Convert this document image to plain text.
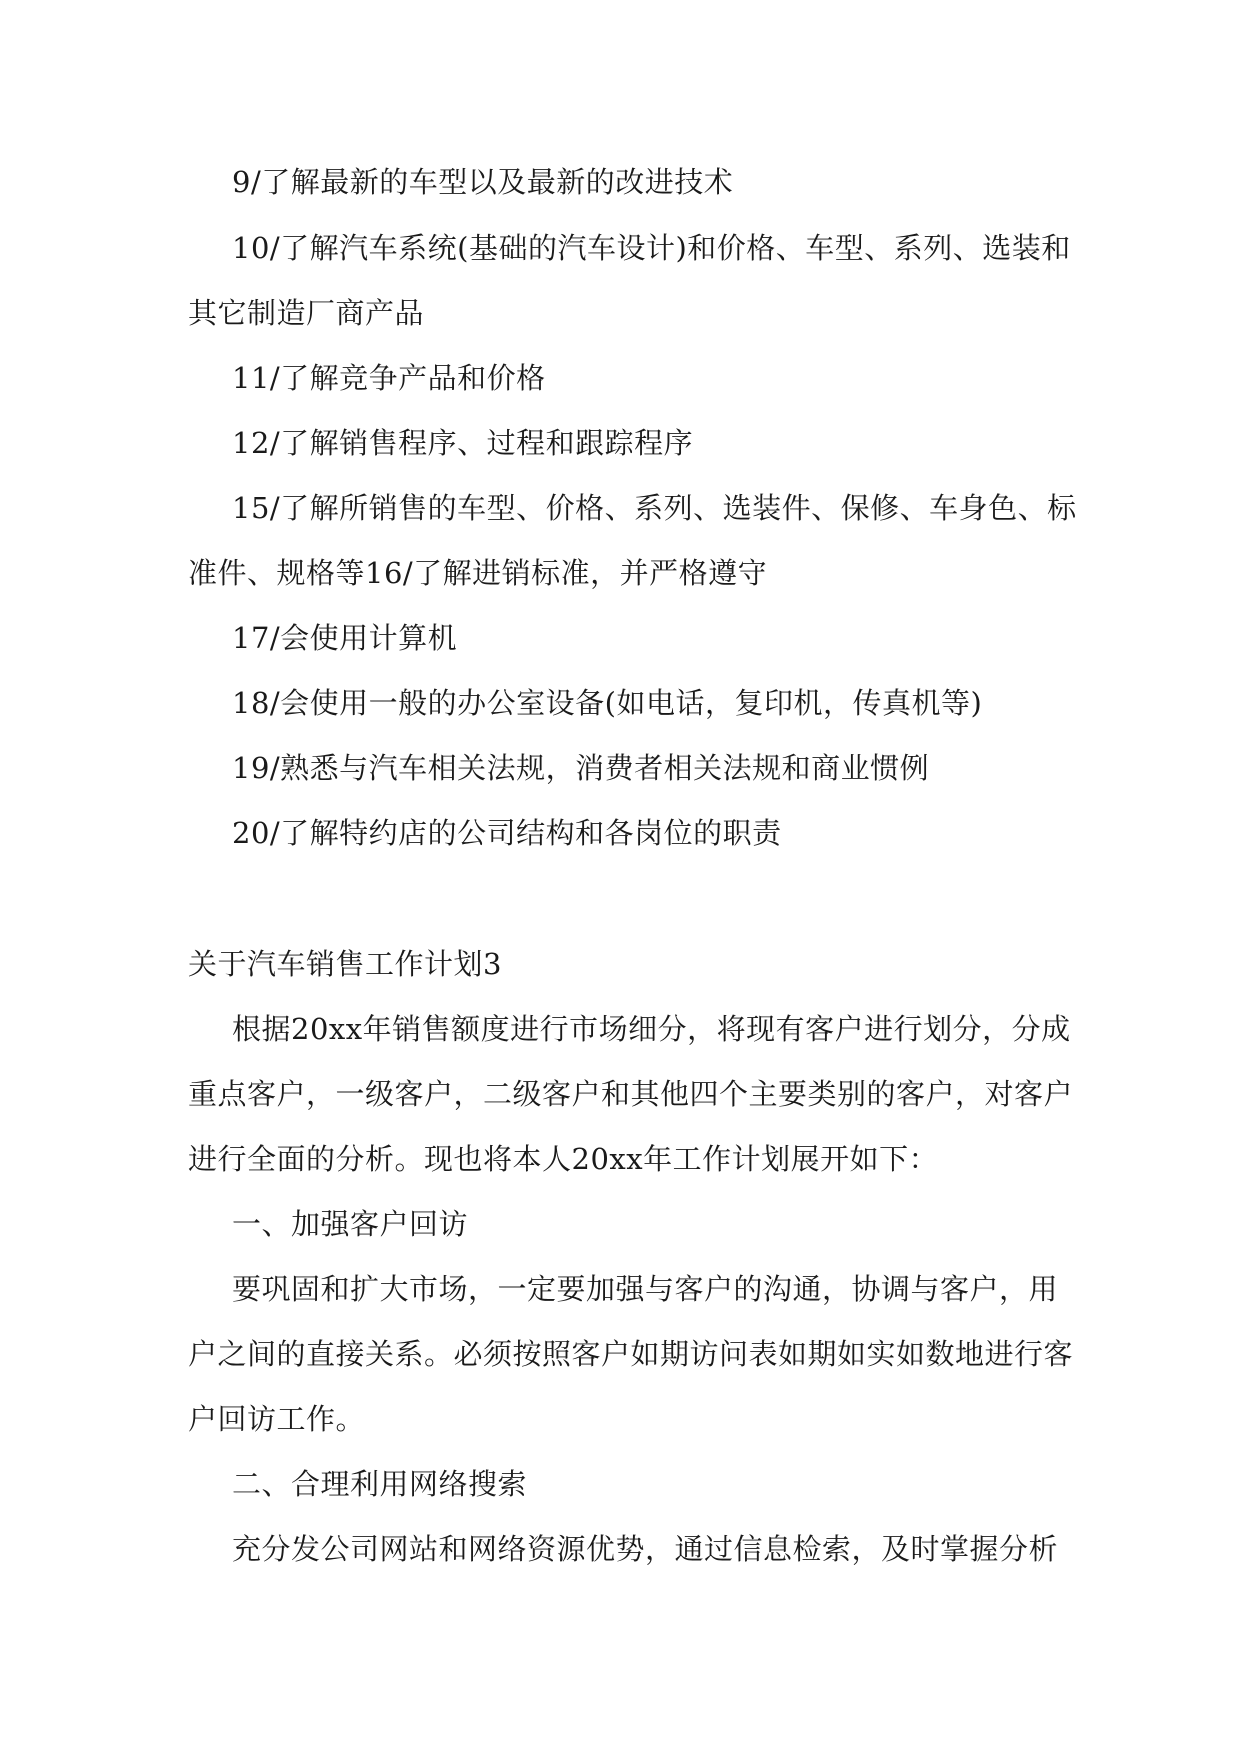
9/了解最新的车型以及最新的改进技术
10/了解汽车系统(基础的汽车设计)和价格、车型、系列、选装和
其它制造厂商产品
11/了解竞争产品和价格
12/了解销售程序、过程和跟踪程序
15/了解所销售的车型、价格、系列、选装件、保修、车身色、标
准件、规格等16/了解进销标准，并严格遵守
17/会使用计算机
18/会使用一般的办公室设备(如电话，复印机，传真机等)
19/熟悉与汽车相关法规，消费者相关法规和商业惯例
20/了解特约店的公司结构和各岗位的职责
关于汽车销售工作计划3
根据20xx年销售额度进行市场细分，将现有客户进行划分，分成
重点客户，一级客户，二级客户和其他四个主要类别的客户，对客户
进行全面的分析。现也将本人20xx年工作计划展开如下：
一、加强客户回访
要巩固和扩大市场，一定要加强与客户的沟通，协调与客户，用
户之间的直接关系。必须按照客户如期访问表如期如实如数地进行客
户回访工作。
二、合理利用网络搜索
充分发公司网站和网络资源优势，通过信息检索，及时掌握分析
